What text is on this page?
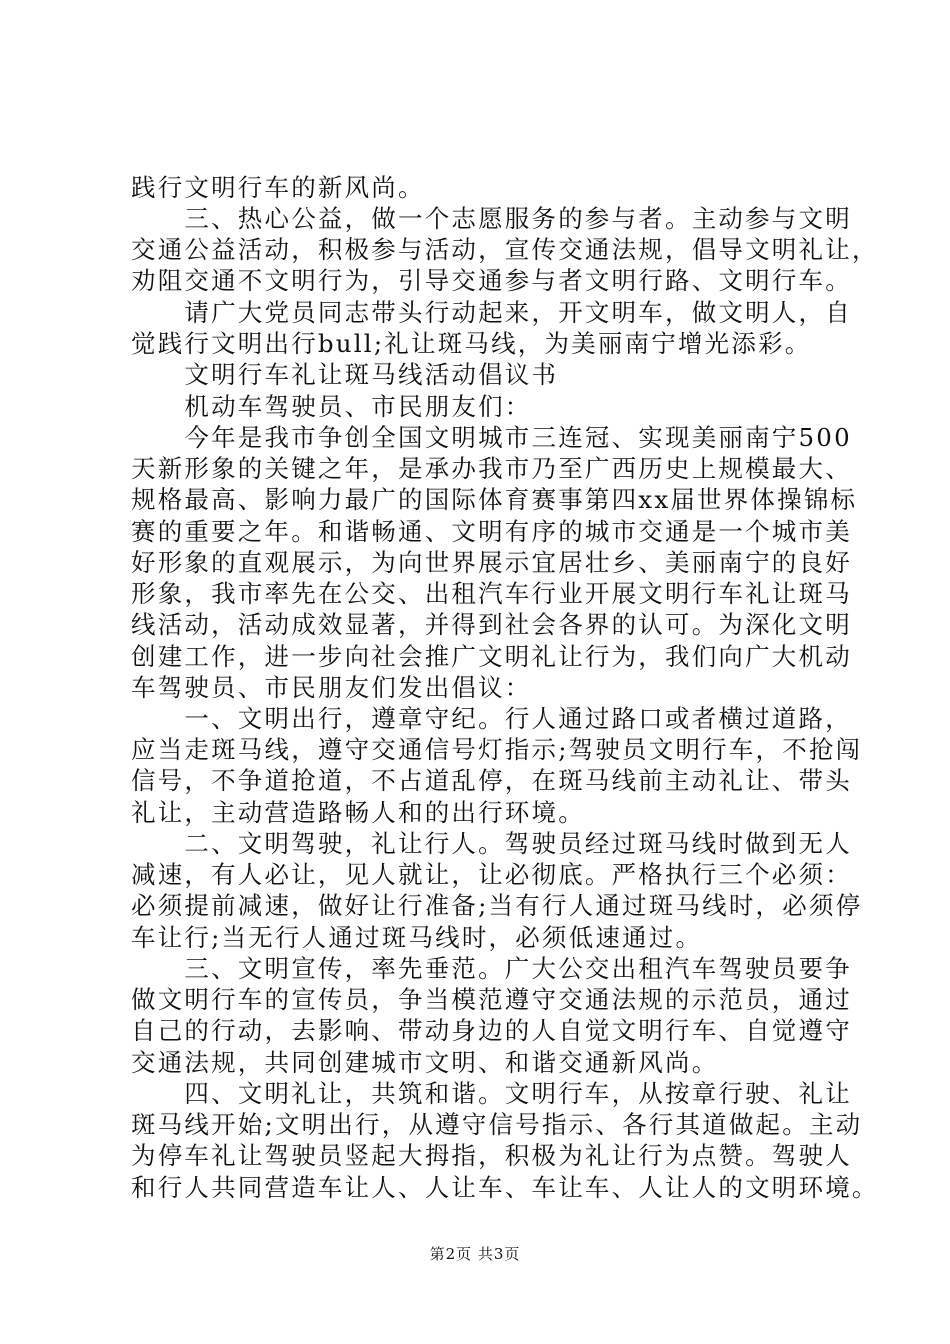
践行文明行车的新风尚。
　　三、热心公益，做一个志愿服务的参与者。主动参与文明
交通公益活动，积极参与活动，宣传交通法规，倡导文明礼让，
劝阻交通不文明行为，引导交通参与者文明行路、文明行车。
　　请广大党员同志带头行动起来，开文明车，做文明人，自
觉践行文明出行bull;礼让斑马线，为美丽南宁增光添彩。
　　文明行车礼让斑马线活动倡议书
　　机动车驾驶员、市民朋友们：
　　今年是我市争创全国文明城市三连冠、实现美丽南宁500
天新形象的关键之年，是承办我市乃至广西历史上规模最大、
规格最高、影响力最广的国际体育赛事第四xx届世界体操锦标
赛的重要之年。和谐畅通、文明有序的城市交通是一个城市美
好形象的直观展示，为向世界展示宜居壮乡、美丽南宁的良好
形象，我市率先在公交、出租汽车行业开展文明行车礼让斑马
线活动，活动成效显著，并得到社会各界的认可。为深化文明
创建工作，进一步向社会推广文明礼让行为，我们向广大机动
车驾驶员、市民朋友们发出倡议：
　　一、文明出行，遵章守纪。行人通过路口或者横过道路，
应当走斑马线，遵守交通信号灯指示;驾驶员文明行车，不抢闯
信号，不争道抢道，不占道乱停，在斑马线前主动礼让、带头
礼让，主动营造路畅人和的出行环境。
　　二、文明驾驶，礼让行人。驾驶员经过斑马线时做到无人
减速，有人必让，见人就让，让必彻底。严格执行三个必须：
必须提前减速，做好让行准备;当有行人通过斑马线时，必须停
车让行;当无行人通过斑马线时，必须低速通过。
　　三、文明宣传，率先垂范。广大公交出租汽车驾驶员要争
做文明行车的宣传员，争当模范遵守交通法规的示范员，通过
自己的行动，去影响、带动身边的人自觉文明行车、自觉遵守
交通法规，共同创建城市文明、和谐交通新风尚。
　　四、文明礼让，共筑和谐。文明行车，从按章行驶、礼让
斑马线开始;文明出行，从遵守信号指示、各行其道做起。主动
为停车礼让驾驶员竖起大拇指，积极为礼让行为点赞。驾驶人
和行人共同营造车让人、人让车、车让车、人让人的文明环境。
第2页 共3页
